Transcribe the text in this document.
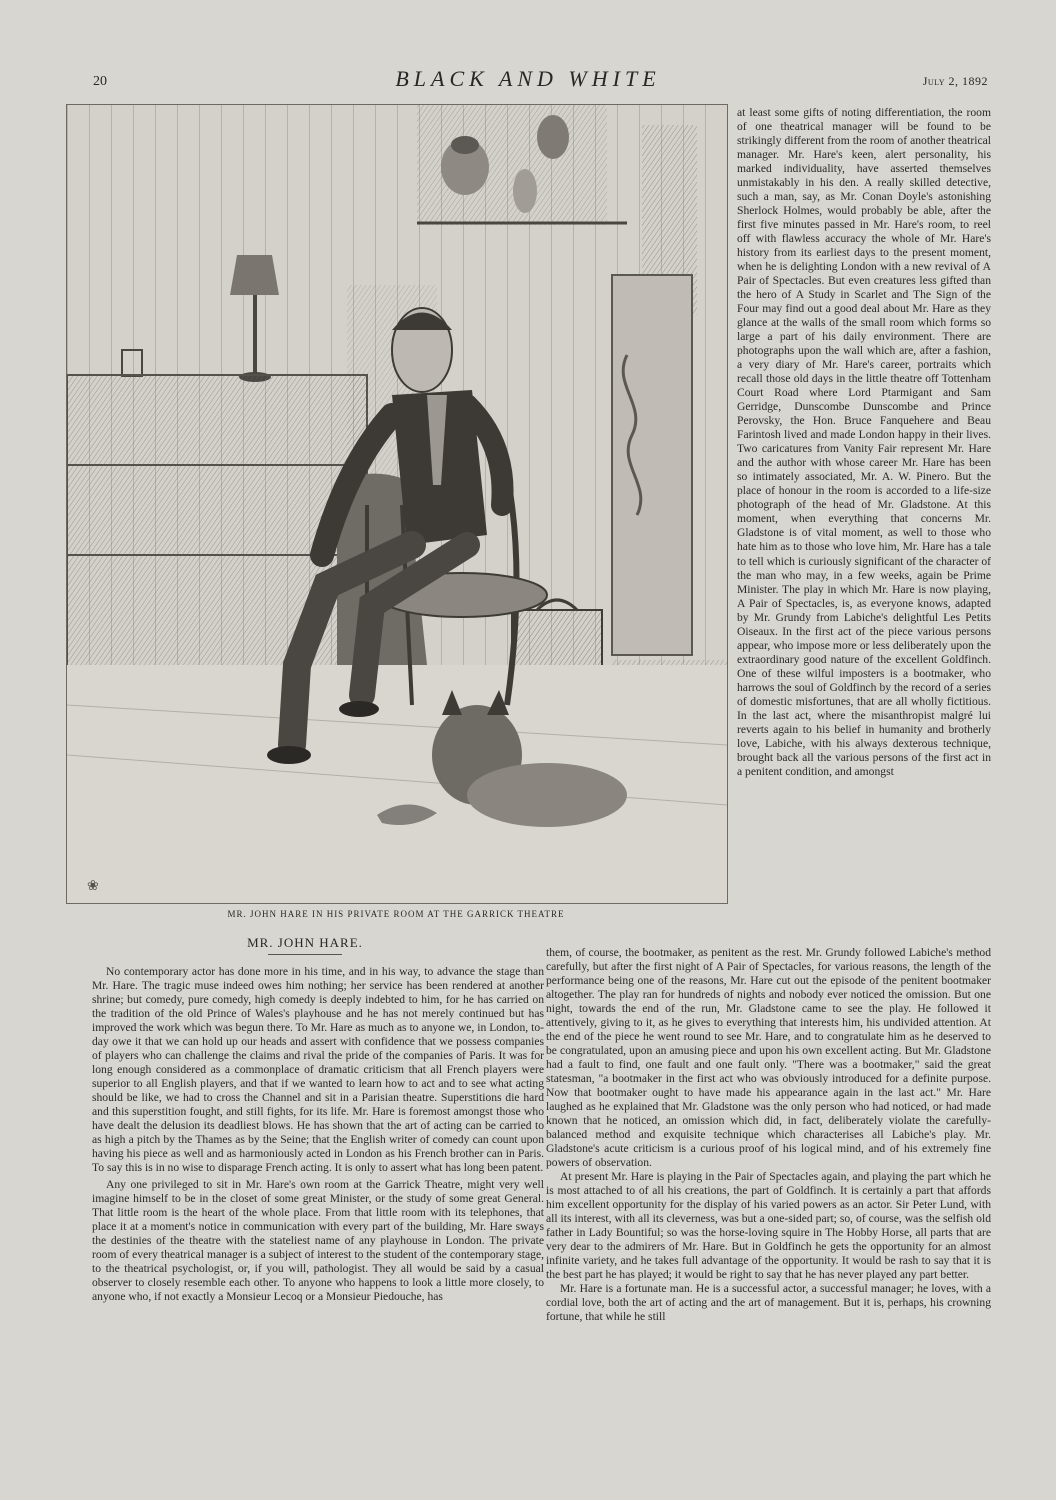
20	BLACK AND WHITE	July 2, 1892
❀
MR. JOHN HARE IN HIS PRIVATE ROOM AT THE GARRICK THEATRE

at least some gifts of noting differentiation, the room of one theatrical manager will be found to be strikingly different from the room of another theatrical manager. Mr. Hare's keen, alert personality, his marked individuality, have asserted themselves unmistakably in his den. A really skilled detective, such a man, say, as Mr. Conan Doyle's astonishing Sherlock Holmes, would probably be able, after the first five minutes passed in Mr. Hare's room, to reel off with flawless accuracy the whole of Mr. Hare's history from its earliest days to the present moment, when he is delighting London with a new revival of A Pair of Spectacles. But even creatures less gifted than the hero of A Study in Scarlet and The Sign of the Four may find out a good deal about Mr. Hare as they glance at the walls of the small room which forms so large a part of his daily environment. There are photographs upon the wall which are, after a fashion, a very diary of Mr. Hare's career, portraits which recall those old days in the little theatre off Tottenham Court Road where Lord Ptarmigant and Sam Gerridge, Dunscombe Dunscombe and Prince Perovsky, the Hon. Bruce Fanquehere and Beau Farintosh lived and made London happy in their lives. Two caricatures from Vanity Fair represent Mr. Hare and the author with whose career Mr. Hare has been so intimately associated, Mr. A. W. Pinero. But the place of honour in the room is accorded to a life-size photograph of the head of Mr. Gladstone. At this moment, when everything that concerns Mr. Gladstone is of vital moment, as well to those who hate him as to those who love him, Mr. Hare has a tale to tell which is curiously significant of the character of the man who may, in a few weeks, again be Prime Minister. The play in which Mr. Hare is now playing, A Pair of Spectacles, is, as everyone knows, adapted by Mr. Grundy from Labiche's delightful Les Petits Oiseaux. In the first act of the piece various persons appear, who impose more or less deliberately upon the extraordinary good nature of the excellent Goldfinch. One of these wilful imposters is a bootmaker, who harrows the soul of Goldfinch by the record of a series of domestic misfortunes, that are all wholly fictitious. In the last act, where the misanthropist malgré lui reverts again to his belief in humanity and brotherly love, Labiche, with his always dexterous technique, brought back all the various persons of the first act in a penitent condition, and amongst

MR. JOHN HARE.

No contemporary actor has done more in his time, and in his way, to advance the stage than Mr. Hare. The tragic muse indeed owes him nothing; her service has been rendered at another shrine; but comedy, pure comedy, high comedy is deeply indebted to him, for he has carried on the tradition of the old Prince of Wales's playhouse and he has not merely continued but has improved the work which was begun there. To Mr. Hare as much as to anyone we, in London, to-day owe it that we can hold up our heads and assert with confidence that we possess companies of players who can challenge the claims and rival the pride of the companies of Paris. It was for long enough considered as a commonplace of dramatic criticism that all French players were superior to all English players, and that if we wanted to learn how to act and to see what acting should be like, we had to cross the Channel and sit in a Parisian theatre. Superstitions die hard and this superstition fought, and still fights, for its life. Mr. Hare is foremost amongst those who have dealt the delusion its deadliest blows. He has shown that the art of acting can be carried to as high a pitch by the Thames as by the Seine; that the English writer of comedy can count upon having his piece as well and as harmoniously acted in London as his French brother can in Paris. To say this is in no wise to disparage French acting. It is only to assert what has long been patent.

Any one privileged to sit in Mr. Hare's own room at the Garrick Theatre, might very well imagine himself to be in the closet of some great Minister, or the study of some great General. That little room is the heart of the whole place. From that little room with its telephones, that place it at a moment's notice in communication with every part of the building, Mr. Hare sways the destinies of the theatre with the stateliest name of any playhouse in London. The private room of every theatrical manager is a subject of interest to the student of the contemporary stage, to the theatrical psychologist, or, if you will, pathologist. They all would be said by a casual observer to closely resemble each other. To anyone who happens to look a little more closely, to anyone who, if not exactly a Monsieur Lecoq or a Monsieur Piedouche, has

them, of course, the bootmaker, as penitent as the rest. Mr. Grundy followed Labiche's method carefully, but after the first night of A Pair of Spectacles, for various reasons, the length of the performance being one of the reasons, Mr. Hare cut out the episode of the penitent bootmaker altogether. The play ran for hundreds of nights and nobody ever noticed the omission. But one night, towards the end of the run, Mr. Gladstone came to see the play. He followed it attentively, giving to it, as he gives to everything that interests him, his undivided attention. At the end of the piece he went round to see Mr. Hare, and to congratulate him as he deserved to be congratulated, upon an amusing piece and upon his own excellent acting. But Mr. Gladstone had a fault to find, one fault and one fault only. "There was a bootmaker," said the great statesman, "a bootmaker in the first act who was obviously introduced for a definite purpose. Now that bootmaker ought to have made his appearance again in the last act." Mr. Hare laughed as he explained that Mr. Gladstone was the only person who had noticed, or had made known that he noticed, an omission which did, in fact, deliberately violate the carefully-balanced method and exquisite technique which characterises all Labiche's play. Mr. Gladstone's acute criticism is a curious proof of his logical mind, and of his extremely fine powers of observation.

At present Mr. Hare is playing in the Pair of Spectacles again, and playing the part which he is most attached to of all his creations, the part of Goldfinch. It is certainly a part that affords him excellent opportunity for the display of his varied powers as an actor. Sir Peter Lund, with all its interest, with all its cleverness, was but a one-sided part; so, of course, was the selfish old father in Lady Bountiful; so was the horse-loving squire in The Hobby Horse, all parts that are very dear to the admirers of Mr. Hare. But in Goldfinch he gets the opportunity for an almost infinite variety, and he takes full advantage of the opportunity. It would be rash to say that it is the best part he has played; it would be right to say that he has never played any part better.

Mr. Hare is a fortunate man. He is a successful actor, a successful manager; he loves, with a cordial love, both the art of acting and the art of management. But it is, perhaps, his crowning fortune, that while he still
